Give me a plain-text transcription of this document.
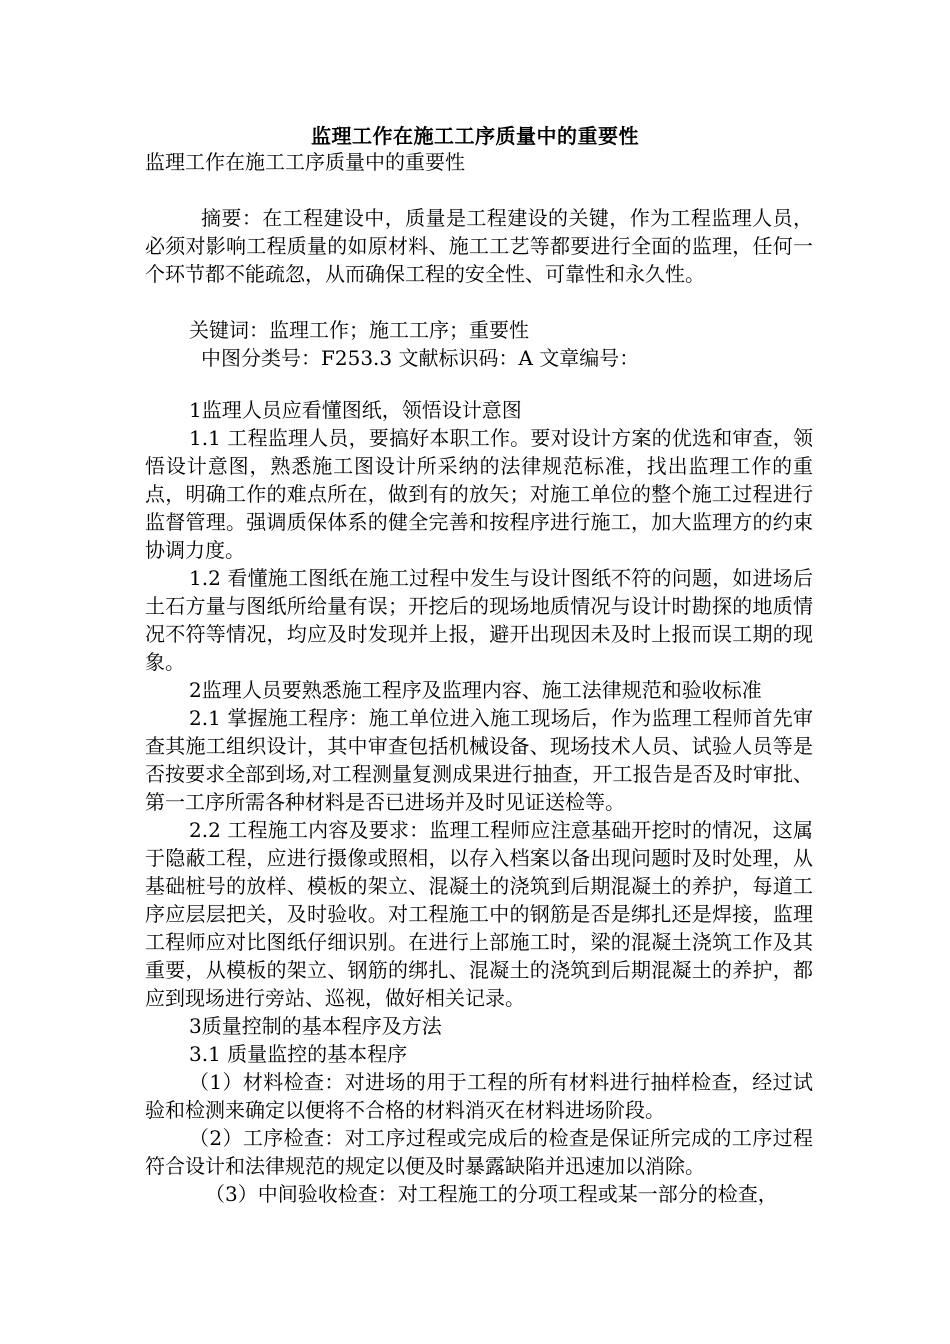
监理工作在施工工序质量中的重要性

监理工作在施工工序质量中的重要性

摘要：在工程建设中，质量是工程建设的关键，作为工程监理人员，必须对影响工程质量的如原材料、施工工艺等都要进行全面的监理，任何一个环节都不能疏忽，从而确保工程的安全性、可靠性和永久性。

关键词：监理工作；施工工序；重要性

中图分类号：F253.3 文献标识码：A 文章编号：

1监理人员应看懂图纸，领悟设计意图

1.1 工程监理人员，要搞好本职工作。要对设计方案的优选和审查，领悟设计意图，熟悉施工图设计所采纳的法律规范标准，找出监理工作的重点，明确工作的难点所在，做到有的放矢；对施工单位的整个施工过程进行监督管理。强调质保体系的健全完善和按程序进行施工，加大监理方的约束协调力度。

1.2 看懂施工图纸在施工过程中发生与设计图纸不符的问题，如进场后土石方量与图纸所给量有误；开挖后的现场地质情况与设计时勘探的地质情况不符等情况，均应及时发现并上报，避开出现因未及时上报而误工期的现象。

2监理人员要熟悉施工程序及监理内容、施工法律规范和验收标准

2.1 掌握施工程序：施工单位进入施工现场后，作为监理工程师首先审查其施工组织设计，其中审查包括机械设备、现场技术人员、试验人员等是否按要求全部到场,对工程测量复测成果进行抽查，开工报告是否及时审批、第一工序所需各种材料是否已进场并及时见证送检等。

2.2 工程施工内容及要求：监理工程师应注意基础开挖时的情况，这属于隐蔽工程，应进行摄像或照相，以存入档案以备出现问题时及时处理，从基础桩号的放样、模板的架立、混凝土的浇筑到后期混凝土的养护，每道工序应层层把关，及时验收。对工程施工中的钢筋是否是绑扎还是焊接，监理工程师应对比图纸仔细识别。在进行上部施工时，梁的混凝土浇筑工作及其重要，从模板的架立、钢筋的绑扎、混凝土的浇筑到后期混凝土的养护，都应到现场进行旁站、巡视，做好相关记录。

3质量控制的基本程序及方法

3.1 质量监控的基本程序

（1）材料检查：对进场的用于工程的所有材料进行抽样检查，经过试验和检测来确定以便将不合格的材料消灭在材料进场阶段。

（2）工序检查：对工序过程或完成后的检查是保证所完成的工序过程符合设计和法律规范的规定以便及时暴露缺陷并迅速加以消除。

（3）中间验收检查：对工程施工的分项工程或某一部分的检查，
